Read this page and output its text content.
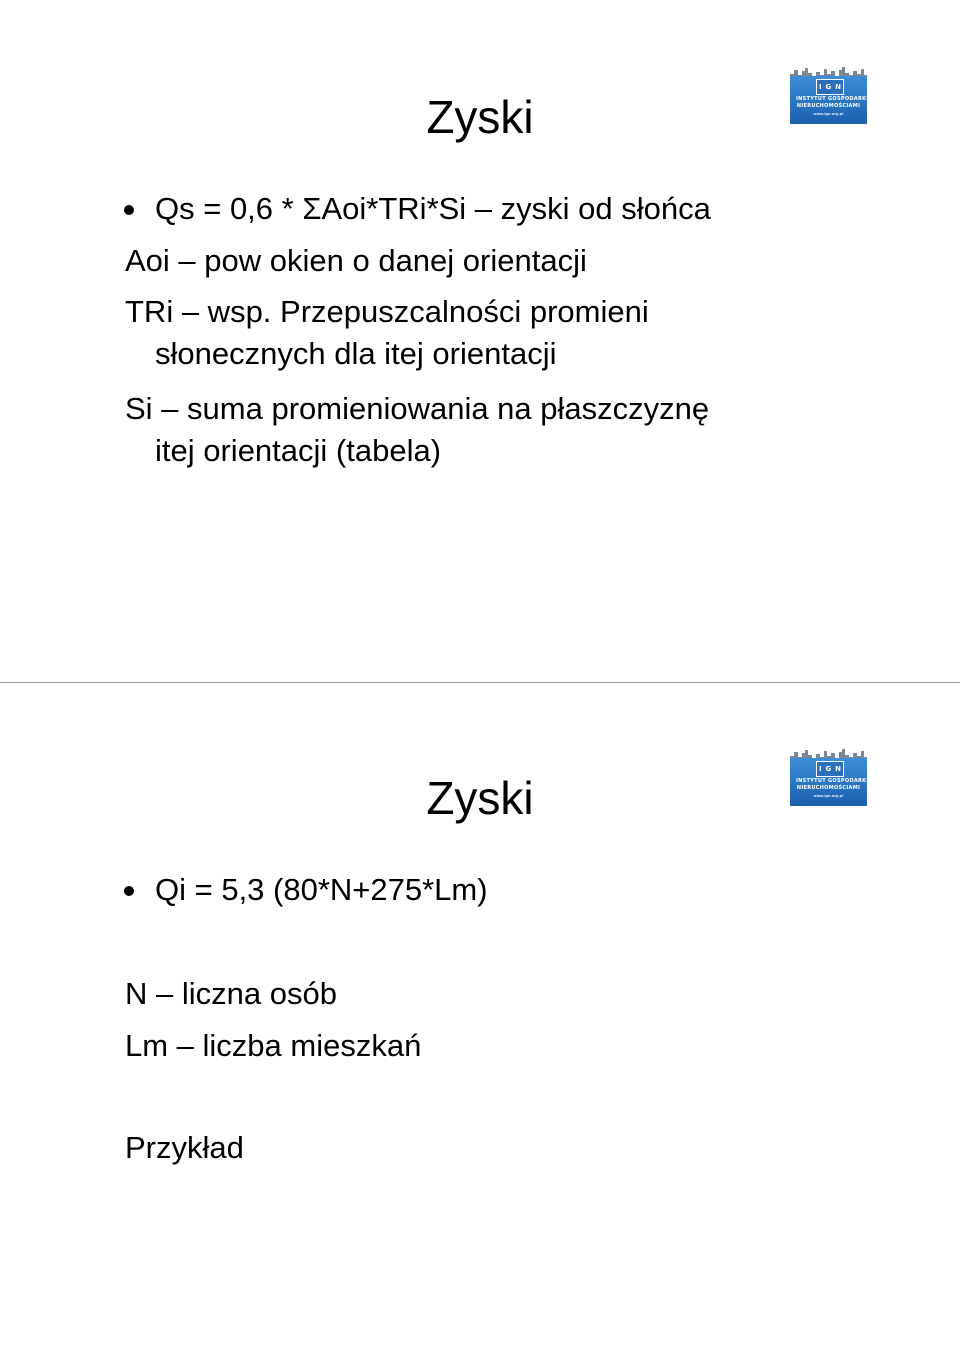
I G N
INSTYTUT GOSPODARKI
NIERUCHOMOŚCIAMI
www.ign.org.pl
Zyski
Qs = 0,6 * ΣAoi*TRi*Si – zyski od słońca
Aoi – pow okien o danej orientacji
TRi – wsp. Przepuszcalności promieni
słonecznych dla itej orientacji
Si – suma promieniowania na płaszczyznę
itej orientacji (tabela)
I G N
INSTYTUT GOSPODARKI
NIERUCHOMOŚCIAMI
www.ign.org.pl
Zyski
Qi = 5,3 (80*N+275*Lm)
N – liczna osób
Lm – liczba mieszkań
Przykład
